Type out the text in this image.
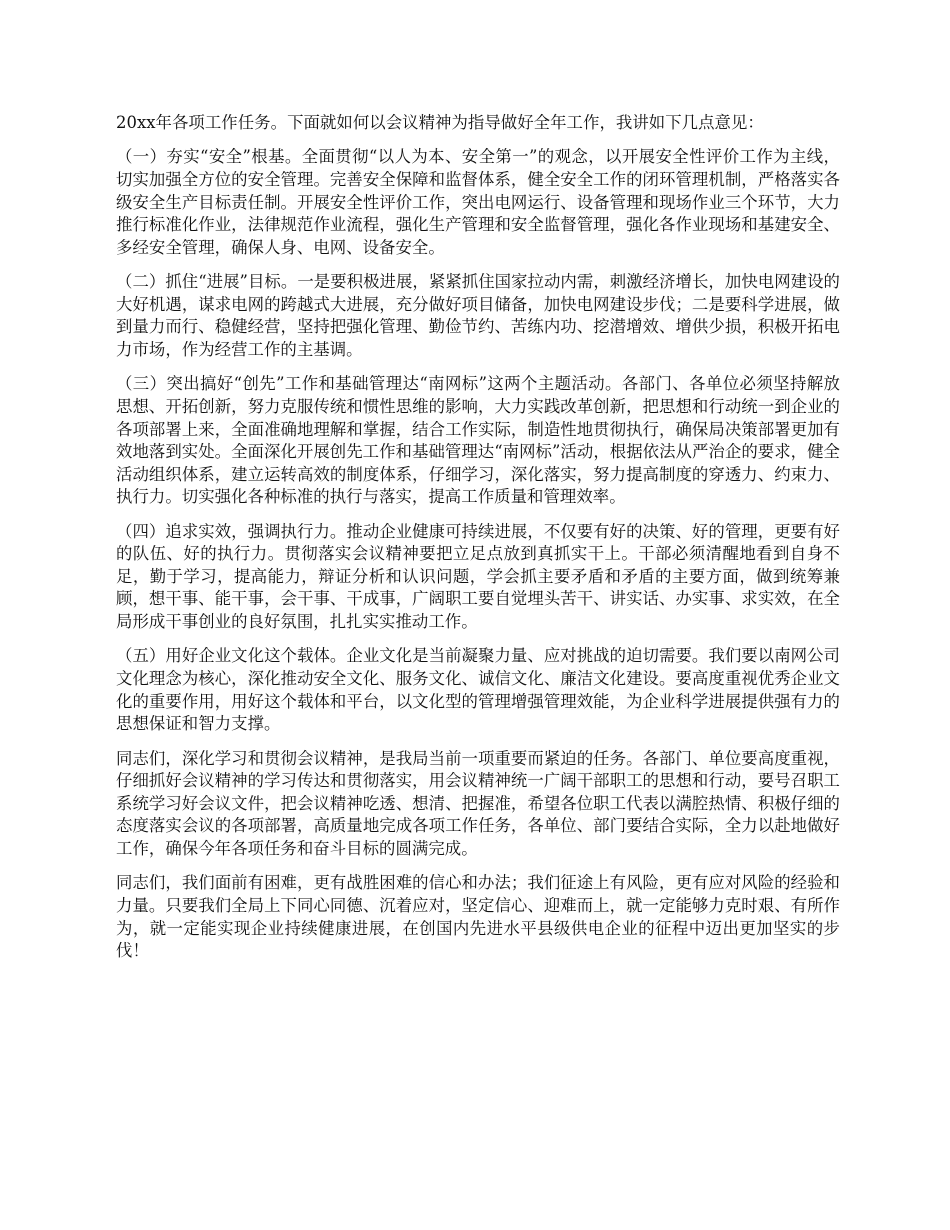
20xx年各项工作任务。下面就如何以会议精神为指导做好全年工作，我讲如下几点意见：

（一）夯实“安全”根基。全面贯彻“以人为本、安全第一”的观念，以开展安全性评价工作为主线，切实加强全方位的安全管理。完善安全保障和监督体系，健全安全工作的闭环管理机制，严格落实各级安全生产目标责任制。开展安全性评价工作，突出电网运行、设备管理和现场作业三个环节，大力推行标准化作业，法律规范作业流程，强化生产管理和安全监督管理，强化各作业现场和基建安全、多经安全管理，确保人身、电网、设备安全。

（二）抓住“进展”目标。一是要积极进展，紧紧抓住国家拉动内需，刺激经济增长，加快电网建设的大好机遇，谋求电网的跨越式大进展，充分做好项目储备，加快电网建设步伐；二是要科学进展，做到量力而行、稳健经营，坚持把强化管理、勤俭节约、苦练内功、挖潜增效、增供少损，积极开拓电力市场，作为经营工作的主基调。

（三）突出搞好“创先”工作和基础管理达“南网标”这两个主题活动。各部门、各单位必须坚持解放思想、开拓创新，努力克服传统和惯性思维的影响，大力实践改革创新，把思想和行动统一到企业的各项部署上来，全面准确地理解和掌握，结合工作实际，制造性地贯彻执行，确保局决策部署更加有效地落到实处。全面深化开展创先工作和基础管理达“南网标”活动，根据依法从严治企的要求，健全活动组织体系，建立运转高效的制度体系，仔细学习，深化落实，努力提高制度的穿透力、约束力、执行力。切实强化各种标准的执行与落实，提高工作质量和管理效率。

（四）追求实效，强调执行力。推动企业健康可持续进展，不仅要有好的决策、好的管理，更要有好的队伍、好的执行力。贯彻落实会议精神要把立足点放到真抓实干上。干部必须清醒地看到自身不足，勤于学习，提高能力，辩证分析和认识问题，学会抓主要矛盾和矛盾的主要方面，做到统筹兼顾，想干事、能干事，会干事、干成事，广阔职工要自觉埋头苦干、讲实话、办实事、求实效，在全局形成干事创业的良好氛围，扎扎实实推动工作。

（五）用好企业文化这个载体。企业文化是当前凝聚力量、应对挑战的迫切需要。我们要以南网公司文化理念为核心，深化推动安全文化、服务文化、诚信文化、廉洁文化建设。要高度重视优秀企业文化的重要作用，用好这个载体和平台，以文化型的管理增强管理效能，为企业科学进展提供强有力的思想保证和智力支撑。

同志们，深化学习和贯彻会议精神，是我局当前一项重要而紧迫的任务。各部门、单位要高度重视，仔细抓好会议精神的学习传达和贯彻落实，用会议精神统一广阔干部职工的思想和行动，要号召职工系统学习好会议文件，把会议精神吃透、想清、把握准，希望各位职工代表以满腔热情、积极仔细的态度落实会议的各项部署，高质量地完成各项工作任务，各单位、部门要结合实际，全力以赴地做好工作，确保今年各项任务和奋斗目标的圆满完成。

同志们，我们面前有困难，更有战胜困难的信心和办法；我们征途上有风险，更有应对风险的经验和力量。只要我们全局上下同心同德、沉着应对，坚定信心、迎难而上，就一定能够力克时艰、有所作为，就一定能实现企业持续健康进展，在创国内先进水平县级供电企业的征程中迈出更加坚实的步伐！
